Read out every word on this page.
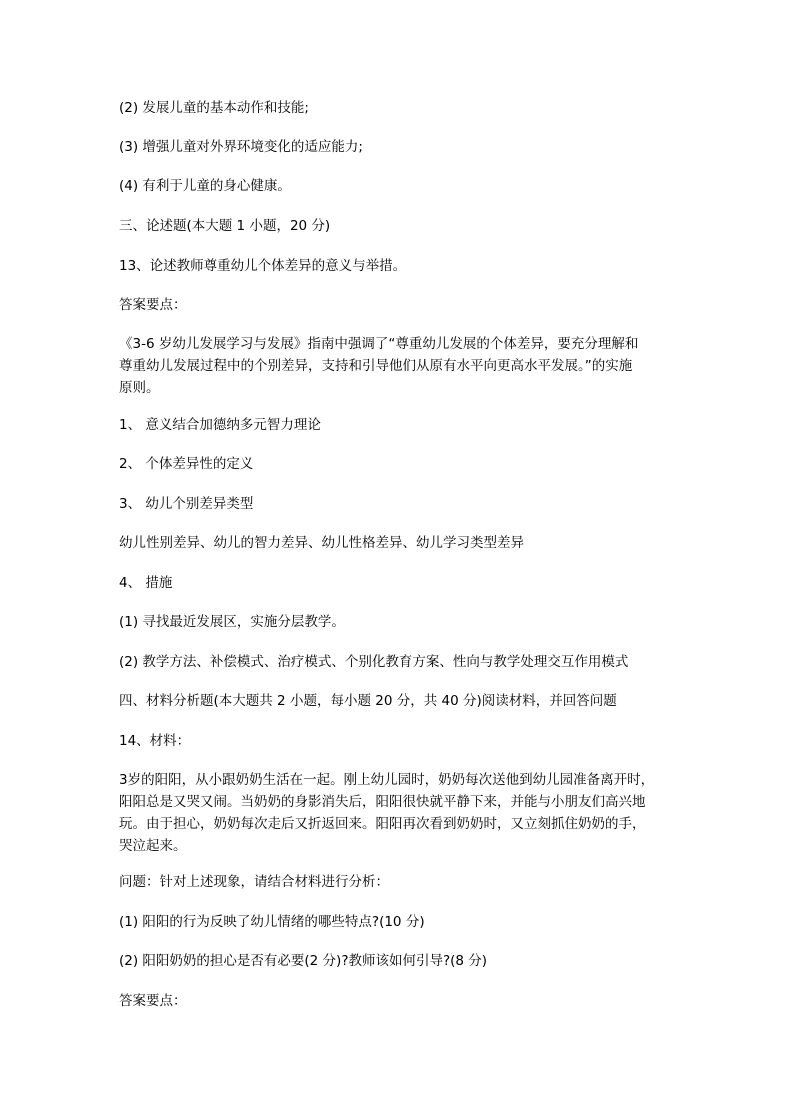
(2) 发展儿童的基本动作和技能;
(3) 增强儿童对外界环境变化的适应能力;
(4) 有利于儿童的身心健康。
三、论述题(本大题 1 小题，20 分)
13、论述教师尊重幼儿个体差异的意义与举措。
答案要点：
《3-6 岁幼儿发展学习与发展》指南中强调了“尊重幼儿发展的个体差异，要充分理解和
尊重幼儿发展过程中的个别差异，支持和引导他们从原有水平向更高水平发展。”的实施
原则。
1、 意义结合加德纳多元智力理论
2、 个体差异性的定义
3、 幼儿个别差异类型
幼儿性别差异、幼儿的智力差异、幼儿性格差异、幼儿学习类型差异
4、 措施
(1) 寻找最近发展区，实施分层教学。
(2) 教学方法、补偿模式、治疗模式、个别化教育方案、性向与教学处理交互作用模式
四、材料分析题(本大题共 2 小题，每小题 20 分，共 40 分)阅读材料，并回答问题
14、材料：
3岁的阳阳，从小跟奶奶生活在一起。刚上幼儿园时，奶奶每次送他到幼儿园准备离开时，
阳阳总是又哭又闹。当奶奶的身影消失后，阳阳很快就平静下来，并能与小朋友们高兴地
玩。由于担心，奶奶每次走后又折返回来。阳阳再次看到奶奶时，又立刻抓住奶奶的手，
哭泣起来。
问题：针对上述现象，请结合材料进行分析：
(1) 阳阳的行为反映了幼儿情绪的哪些特点?(10 分)
(2) 阳阳奶奶的担心是否有必要(2 分)?教师该如何引导?(8 分)
答案要点：
